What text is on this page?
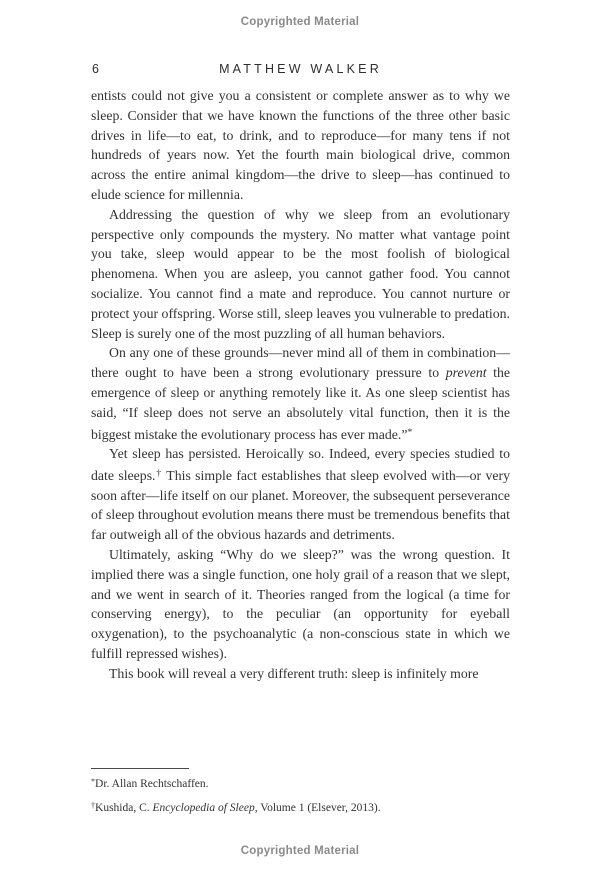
Copyrighted Material
6	MATTHEW WALKER

entists could not give you a consistent or complete answer as to why we sleep. Consider that we have known the functions of the three other basic drives in life—to eat, to drink, and to reproduce—for many tens if not hundreds of years now. Yet the fourth main biological drive, common across the entire animal kingdom—the drive to sleep—has continued to elude science for millennia.

Addressing the question of why we sleep from an evolutionary perspective only compounds the mystery. No matter what vantage point you take, sleep would appear to be the most foolish of biological phenomena. When you are asleep, you cannot gather food. You cannot socialize. You cannot find a mate and reproduce. You cannot nurture or protect your offspring. Worse still, sleep leaves you vulnerable to predation. Sleep is surely one of the most puzzling of all human behaviors.

On any one of these grounds—never mind all of them in combination—there ought to have been a strong evolutionary pressure to prevent the emergence of sleep or anything remotely like it. As one sleep scientist has said, “If sleep does not serve an absolutely vital function, then it is the biggest mistake the evolutionary process has ever made.”*

Yet sleep has persisted. Heroically so. Indeed, every species studied to date sleeps.† This simple fact establishes that sleep evolved with—or very soon after—life itself on our planet. Moreover, the subsequent perseverance of sleep throughout evolution means there must be tremendous benefits that far outweigh all of the obvious hazards and detriments.

Ultimately, asking “Why do we sleep?” was the wrong question. It implied there was a single function, one holy grail of a reason that we slept, and we went in search of it. Theories ranged from the logical (a time for conserving energy), to the peculiar (an opportunity for eyeball oxygenation), to the psychoanalytic (a non-conscious state in which we fulfill repressed wishes).

This book will reveal a very different truth: sleep is infinitely more

*Dr. Allan Rechtschaffen.

†Kushida, C. Encyclopedia of Sleep, Volume 1 (Elsever, 2013).

Copyrighted Material
